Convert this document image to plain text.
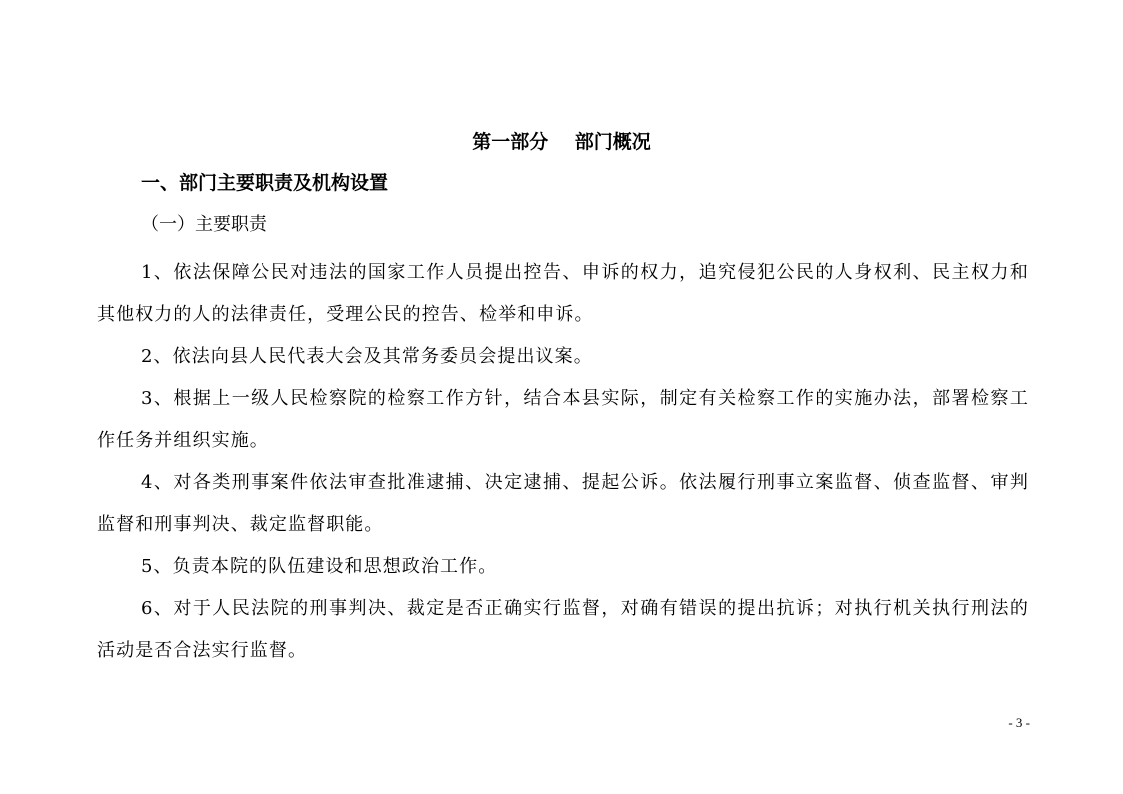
第一部分    部门概况
一、部门主要职责及机构设置
（一）主要职责
1、依法保障公民对违法的国家工作人员提出控告、申诉的权力，追究侵犯公民的人身权利、民主权力和其他权力的人的法律责任，受理公民的控告、检举和申诉。
2、依法向县人民代表大会及其常务委员会提出议案。
3、根据上一级人民检察院的检察工作方针，结合本县实际，制定有关检察工作的实施办法，部署检察工作任务并组织实施。
4、对各类刑事案件依法审查批准逮捕、决定逮捕、提起公诉。依法履行刑事立案监督、侦查监督、审判监督和刑事判决、裁定监督职能。
5、负责本院的队伍建设和思想政治工作。
6、对于人民法院的刑事判决、裁定是否正确实行监督，对确有错误的提出抗诉；对执行机关执行刑法的活动是否合法实行监督。
- 3 -
